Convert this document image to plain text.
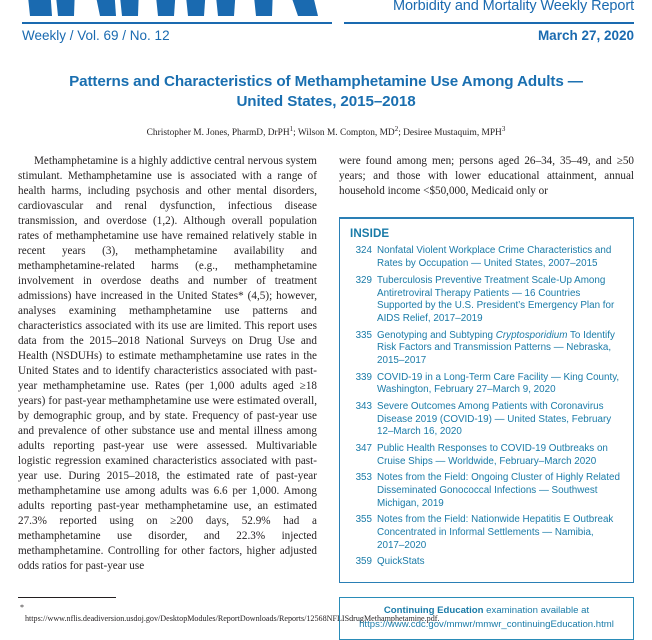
Morbidity and Mortality Weekly Report
Weekly / Vol. 69 / No. 12	March 27, 2020
Patterns and Characteristics of Methamphetamine Use Among Adults —
United States, 2015–2018
Christopher M. Jones, PharmD, DrPH$^1$; Wilson M. Compton, $MD^2$; Desiree Mustaquim, MPH$^3$

Methamphetamine is a highly addictive central nervous system stimulant. Methamphetamine use is associated with a range of health harms, including psychosis and other mental disorders, cardiovascular and renal dysfunction, infectious disease transmission, and overdose (1,2). Although overall population rates of methamphetamine use have remained relatively stable in recent years (3), methamphetamine availability and methamphetamine-related harms (e.g., methamphetamine involvement in overdose deaths and number of treatment admissions) have increased in the United States* (4,5); however, analyses examining methamphetamine use patterns and characteristics associated with its use are limited. This report uses data from the 2015–2018 National Surveys on Drug Use and Health (NSDUHs) to estimate methamphetamine use rates in the United States and to identify characteristics associated with past-year methamphetamine use. Rates (per 1,000 adults aged ≥18 years) for past-year methamphetamine use were estimated overall, by demographic group, and by state. Frequency of past-year use and prevalence of other substance use and mental illness among adults reporting past-year use were assessed. Multivariable logistic regression examined characteristics associated with past-year use. During 2015–2018, the estimated rate of past-year methamphetamine use among adults was 6.6 per 1,000. Among adults reporting past-year methamphetamine use, an estimated 27.3% reported using on ≥200 days, 52.9% had a methamphetamine use disorder, and 22.3% injected methamphetamine. Controlling for other factors, higher adjusted odds ratios for past-year use

* https://www.nflis.deadiversion.usdoj.gov/DesktopModules/ReportDownloads/Reports/12568NFLISdrugMethamphetamine.pdf.

were found among men; persons aged 26–34, 35–49, and ≥50 years; and those with lower educational attainment, annual household income <$50,000, Medicaid only or

INSIDE
324 Nonfatal Violent Workplace Crime Characteristics and Rates by Occupation — United States, 2007–2015
329 Tuberculosis Preventive Treatment Scale-Up Among Antiretroviral Therapy Patients — 16 Countries Supported by the U.S. President’s Emergency Plan for AIDS Relief, 2017–2019
335 Genotyping and Subtyping Cryptosporidium To Identify Risk Factors and Transmission Patterns — Nebraska, 2015–2017
339 COVID-19 in a Long-Term Care Facility — King County, Washington, February 27–March 9, 2020
343 Severe Outcomes Among Patients with Coronavirus Disease 2019 (COVID-19) — United States, February 12–March 16, 2020
347 Public Health Responses to COVID-19 Outbreaks on Cruise Ships — Worldwide, February–March 2020
353 Notes from the Field: Ongoing Cluster of Highly Related Disseminated Gonococcal Infections — Southwest Michigan, 2019
355 Notes from the Field: Nationwide Hepatitis E Outbreak Concentrated in Informal Settlements — Namibia, 2017–2020
359 QuickStats
Continuing Education examination available at
https://www.cdc.gov/mmwr/mmwr_continuingEducation.html
